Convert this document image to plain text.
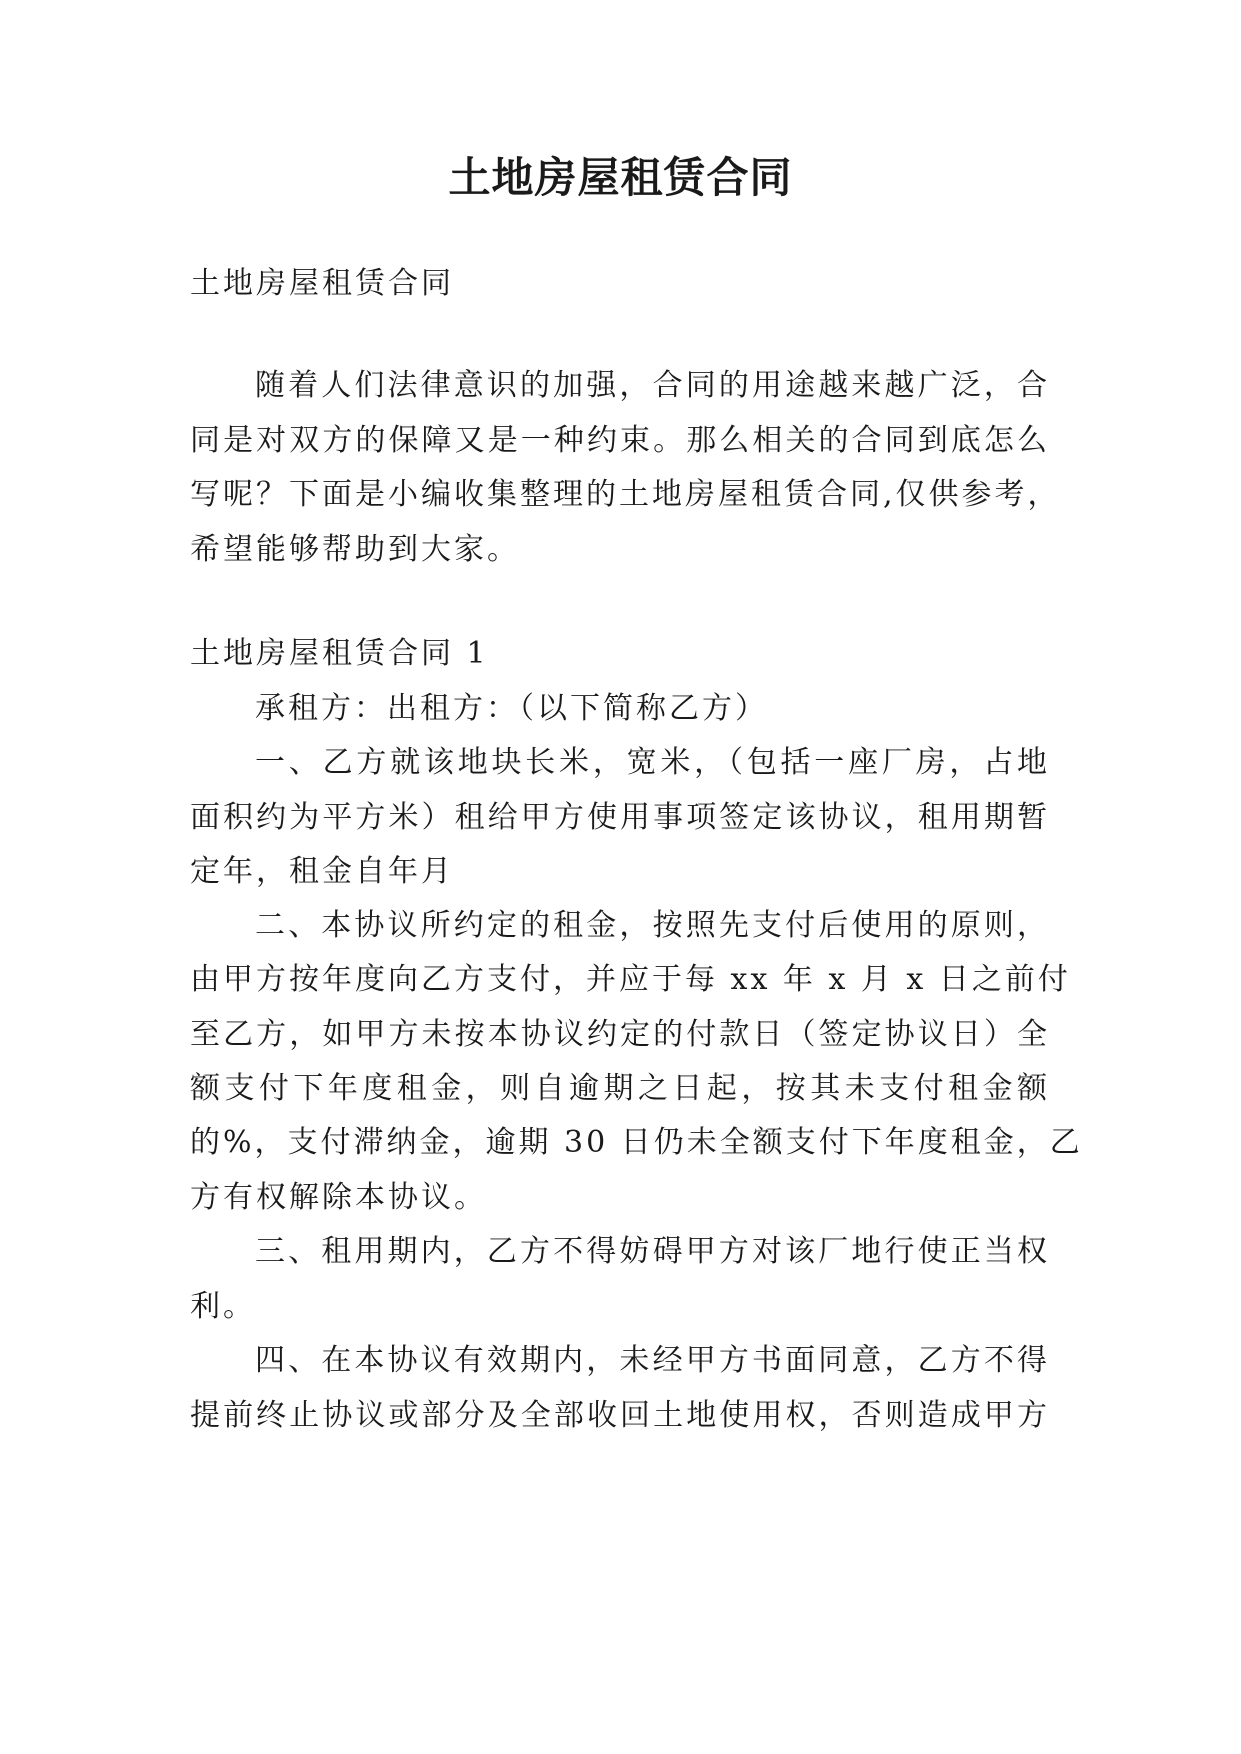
土地房屋租赁合同
土地房屋租赁合同
随着人们法律意识的加强，合同的用途越来越广泛，合
同是对双方的保障又是一种约束。那么相关的合同到底怎么
写呢？下面是小编收集整理的土地房屋租赁合同,仅供参考，
希望能够帮助到大家。
土地房屋租赁合同 1
承租方：出租方：（以下简称乙方）
一、乙方就该地块长米，宽米，（包括一座厂房，占地
面积约为平方米）租给甲方使用事项签定该协议，租用期暂
定年，租金自年月
二、本协议所约定的租金，按照先支付后使用的原则，
由甲方按年度向乙方支付，并应于每 xx 年 x 月 x 日之前付
至乙方，如甲方未按本协议约定的付款日（签定协议日）全
额支付下年度租金，则自逾期之日起，按其未支付租金额
的%，支付滞纳金，逾期 30 日仍未全额支付下年度租金，乙
方有权解除本协议。
三、租用期内，乙方不得妨碍甲方对该厂地行使正当权
利。
四、在本协议有效期内，未经甲方书面同意，乙方不得
提前终止协议或部分及全部收回土地使用权，否则造成甲方
